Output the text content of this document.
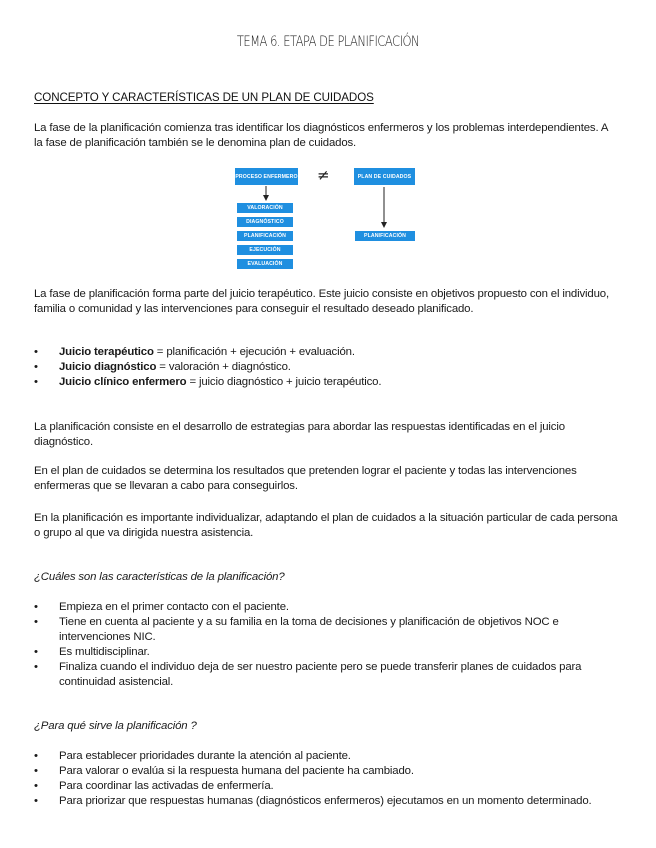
TEMA 6. ETAPA DE PLANIFICACIÓN
CONCEPTO Y CARACTERÍSTICAS DE UN PLAN DE CUIDADOS
La fase de la planificación comienza tras identificar los diagnósticos enfermeros y los problemas interdependientes. A la fase de planificación también se le denomina plan de cuidados.
PROCESO ENFERMERO ≠	PLAN DE CUIDADOS
VALORACIÓN
DIAGNÓSTICO
PLANIFICACIÓN
EJECUCIÓN
EVALUACIÓN
PLANIFICACIÓN
La fase de planificación forma parte del juicio terapéutico. Este juicio consiste en objetivos propuesto con el individuo, familia o comunidad y las intervenciones para conseguir el resultado deseado planificado.
• Juicio terapéutico = planificación + ejecución + evaluación.
• Juicio diagnóstico = valoración + diagnóstico.
• Juicio clínico enfermero = juicio diagnóstico + juicio terapéutico.
La planificación consiste en el desarrollo de estrategias para abordar las respuestas identificadas en el juicio diagnóstico.
En el plan de cuidados se determina los resultados que pretenden lograr el paciente y todas las intervenciones enfermeras que se llevaran a cabo para conseguirlos.
En la planificación es importante individualizar, adaptando el plan de cuidados a la situación particular de cada persona o grupo al que va dirigida nuestra asistencia.
¿Cuáles son las características de la planificación?
• Empieza en el primer contacto con el paciente.
• Tiene en cuenta al paciente y a su familia en la toma de decisiones y planificación de objetivos NOC e intervenciones NIC.
• Es multidisciplinar.
• Finaliza cuando el individuo deja de ser nuestro paciente pero se puede transferir planes de cuidados para continuidad asistencial.
¿Para qué sirve la planificación ?
• Para establecer prioridades durante la atención al paciente.
• Para valorar o evalúa si la respuesta humana del paciente ha cambiado.
• Para coordinar las activadas de enfermería.
• Para priorizar que respuestas humanas (diagnósticos enfermeros) ejecutamos en un momento determinado.
